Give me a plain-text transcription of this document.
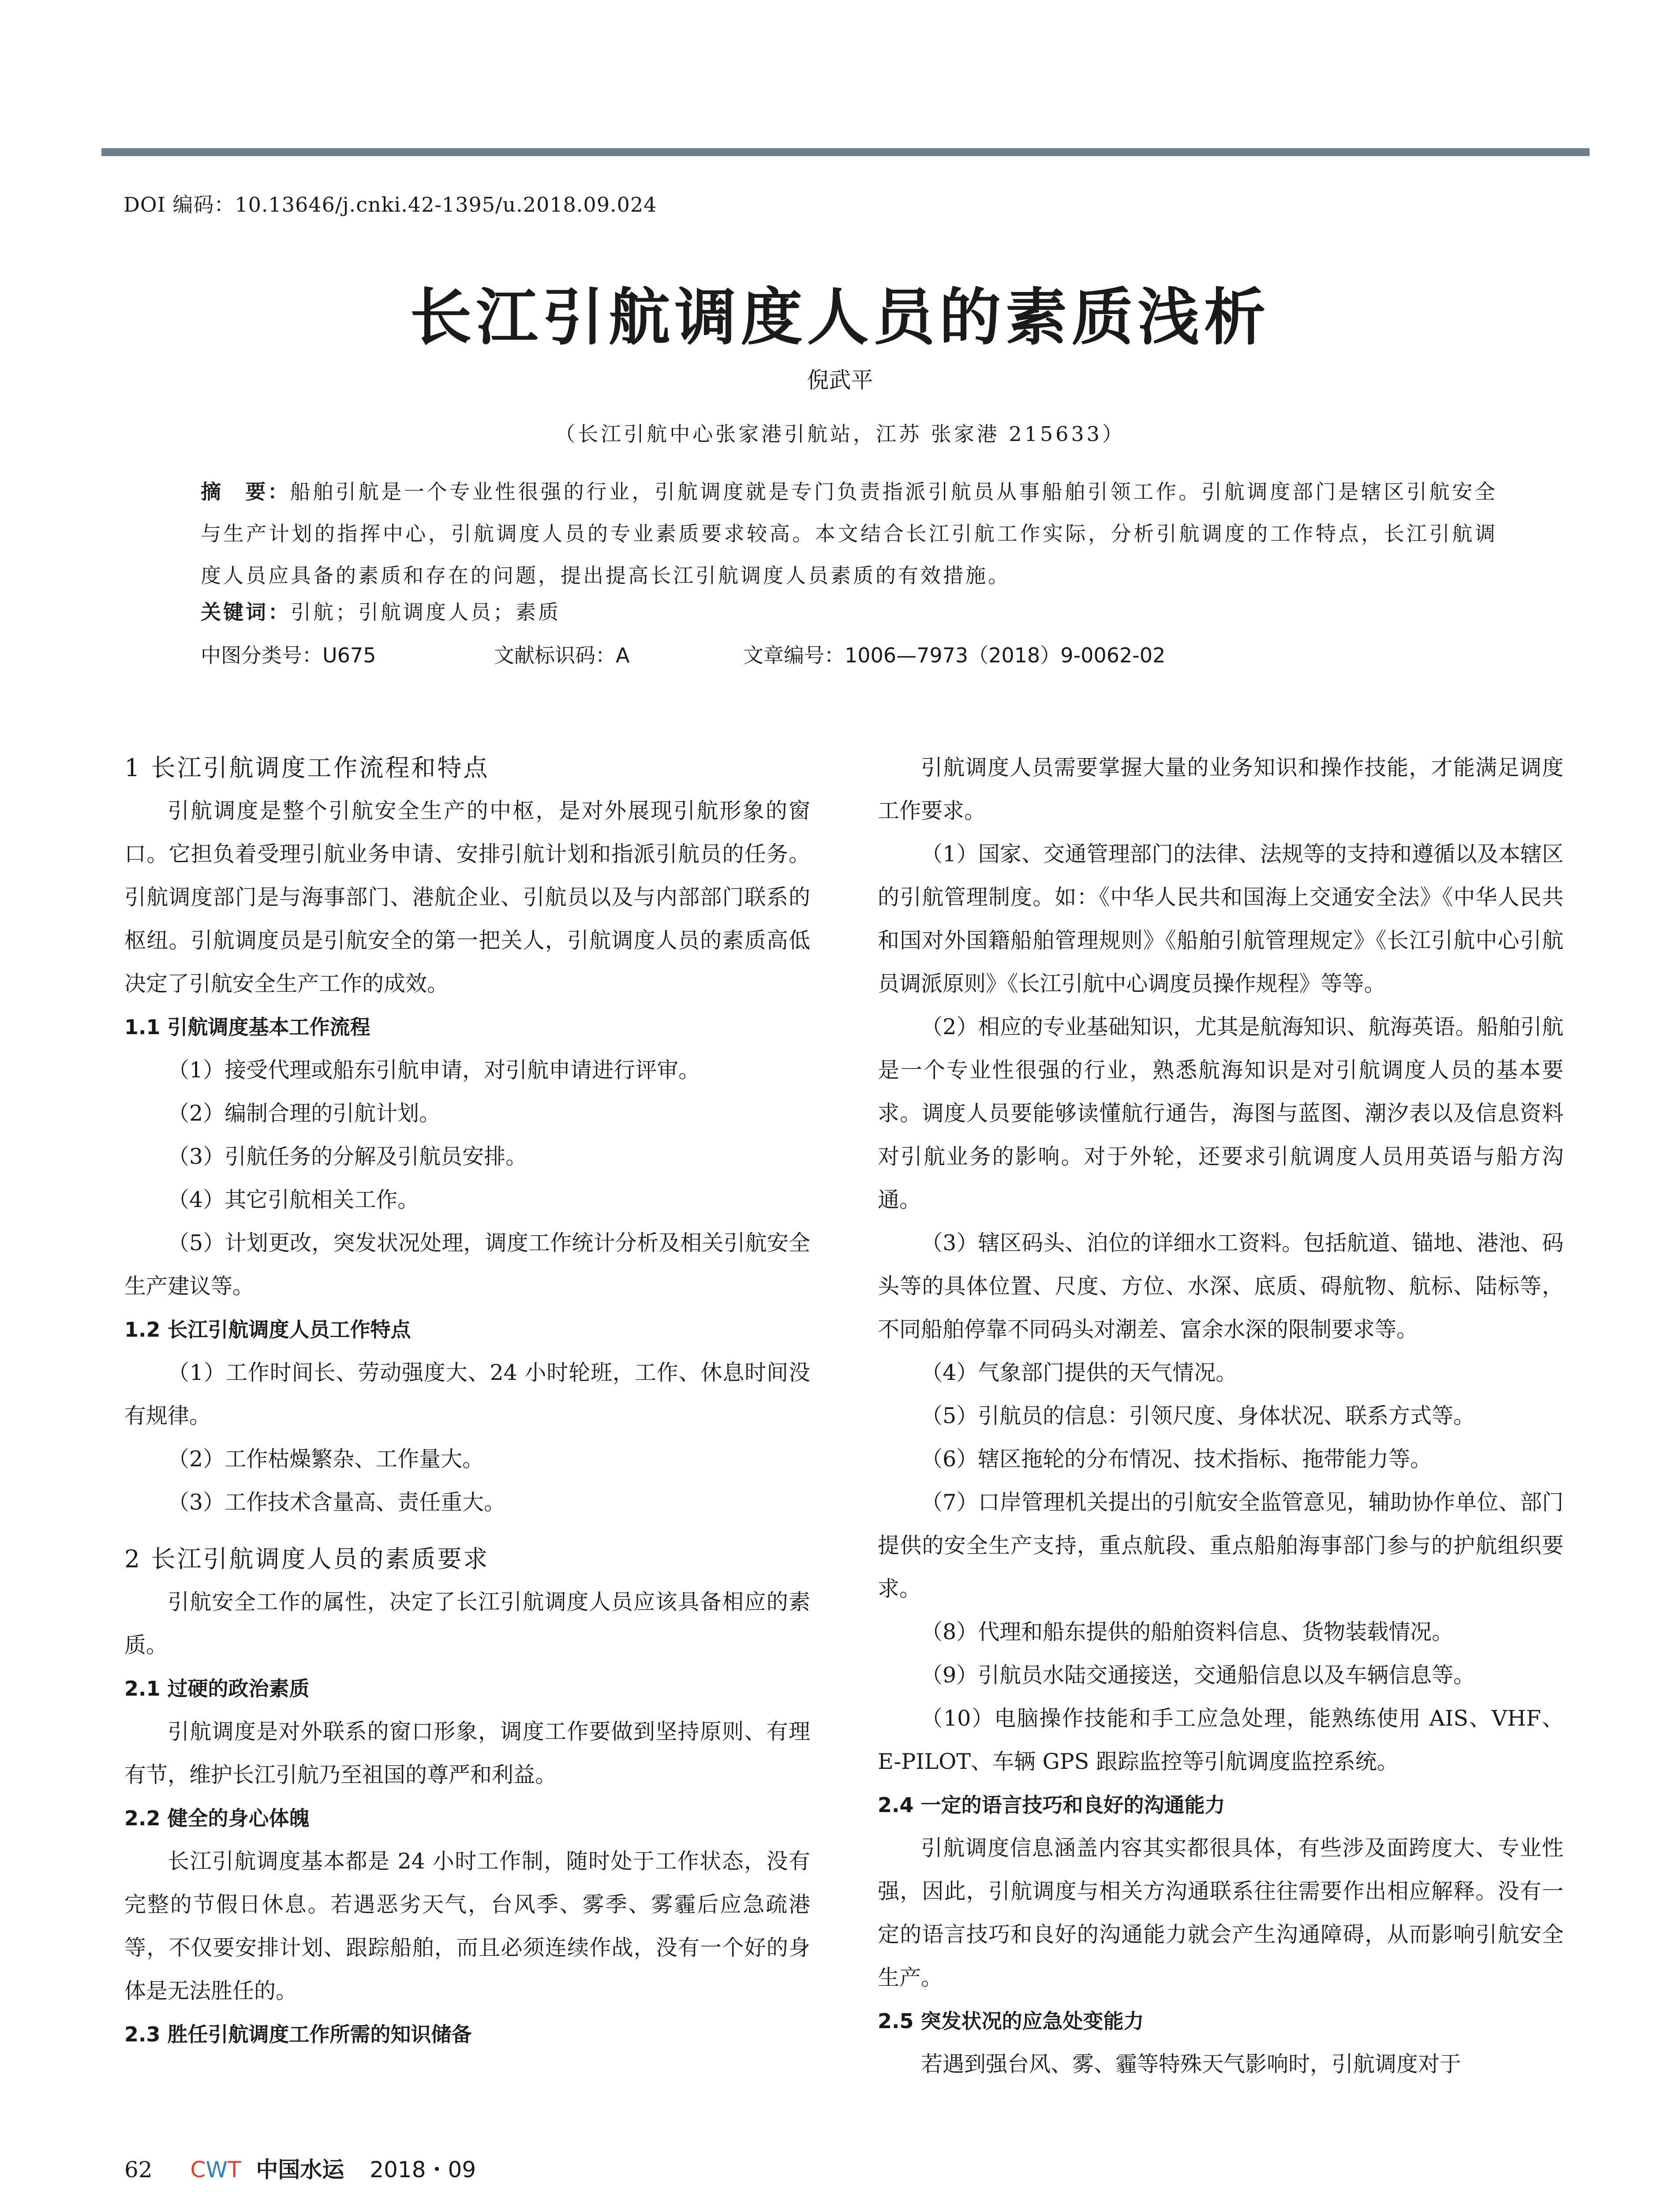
DOI 编码：10.13646/j.cnki.42-1395/u.2018.09.024
长江引航调度人员的素质浅析
倪武平
（长江引航中心张家港引航站，江苏 张家港 215633）
摘　要：船舶引航是一个专业性很强的行业，引航调度就是专门负责指派引航员从事船舶引领工作。引航调度部门是辖区引航安全与生产计划的指挥中心，引航调度人员的专业素质要求较高。本文结合长江引航工作实际，分析引航调度的工作特点，长江引航调度人员应具备的素质和存在的问题，提出提高长江引航调度人员素质的有效措施。
关键词：引航；引航调度人员；素质
中图分类号：U675	文献标识码：A	文章编号：1006—7973（2018）9-0062-02
1 长江引航调度工作流程和特点

引航调度是整个引航安全生产的中枢，是对外展现引航形象的窗口。它担负着受理引航业务申请、安排引航计划和指派引航员的任务。引航调度部门是与海事部门、港航企业、引航员以及与内部部门联系的枢纽。引航调度员是引航安全的第一把关人，引航调度人员的素质高低决定了引航安全生产工作的成效。

1.1 引航调度基本工作流程

（1）接受代理或船东引航申请，对引航申请进行评审。

（2）编制合理的引航计划。

（3）引航任务的分解及引航员安排。

（4）其它引航相关工作。

（5）计划更改，突发状况处理，调度工作统计分析及相关引航安全生产建议等。

1.2 长江引航调度人员工作特点

（1）工作时间长、劳动强度大、24 小时轮班，工作、休息时间没有规律。

（2）工作枯燥繁杂、工作量大。

（3）工作技术含量高、责任重大。

2 长江引航调度人员的素质要求

引航安全工作的属性，决定了长江引航调度人员应该具备相应的素质。

2.1 过硬的政治素质

引航调度是对外联系的窗口形象，调度工作要做到坚持原则、有理有节，维护长江引航乃至祖国的尊严和利益。

2.2 健全的身心体魄

长江引航调度基本都是 24 小时工作制，随时处于工作状态，没有完整的节假日休息。若遇恶劣天气，台风季、雾季、雾霾后应急疏港等，不仅要安排计划、跟踪船舶，而且必须连续作战，没有一个好的身体是无法胜任的。

2.3 胜任引航调度工作所需的知识储备

引航调度人员需要掌握大量的业务知识和操作技能，才能满足调度工作要求。

（1）国家、交通管理部门的法律、法规等的支持和遵循以及本辖区的引航管理制度。如：《中华人民共和国海上交通安全法》《中华人民共和国对外国籍船舶管理规则》《船舶引航管理规定》《长江引航中心引航员调派原则》《长江引航中心调度员操作规程》等等。

（2）相应的专业基础知识，尤其是航海知识、航海英语。船舶引航是一个专业性很强的行业，熟悉航海知识是对引航调度人员的基本要求。调度人员要能够读懂航行通告，海图与蓝图、潮汐表以及信息资料对引航业务的影响。对于外轮，还要求引航调度人员用英语与船方沟通。

（3）辖区码头、泊位的详细水工资料。包括航道、锚地、港池、码头等的具体位置、尺度、方位、水深、底质、碍航物、航标、陆标等，不同船舶停靠不同码头对潮差、富余水深的限制要求等。

（4）气象部门提供的天气情况。

（5）引航员的信息：引领尺度、身体状况、联系方式等。

（6）辖区拖轮的分布情况、技术指标、拖带能力等。

（7）口岸管理机关提出的引航安全监管意见，辅助协作单位、部门提供的安全生产支持，重点航段、重点船舶海事部门参与的护航组织要求。

（8）代理和船东提供的船舶资料信息、货物装载情况。

（9）引航员水陆交通接送，交通船信息以及车辆信息等。

（10）电脑操作技能和手工应急处理，能熟练使用 AIS、VHF、E-PILOT、车辆 GPS 跟踪监控等引航调度监控系统。

2.4 一定的语言技巧和良好的沟通能力

引航调度信息涵盖内容其实都很具体，有些涉及面跨度大、专业性强，因此，引航调度与相关方沟通联系往往需要作出相应解释。没有一定的语言技巧和良好的沟通能力就会产生沟通障碍，从而影响引航安全生产。

2.5 突发状况的应急处变能力

若遇到强台风、雾、霾等特殊天气影响时，引航调度对于

62 CWT 中国水运 2018・09
